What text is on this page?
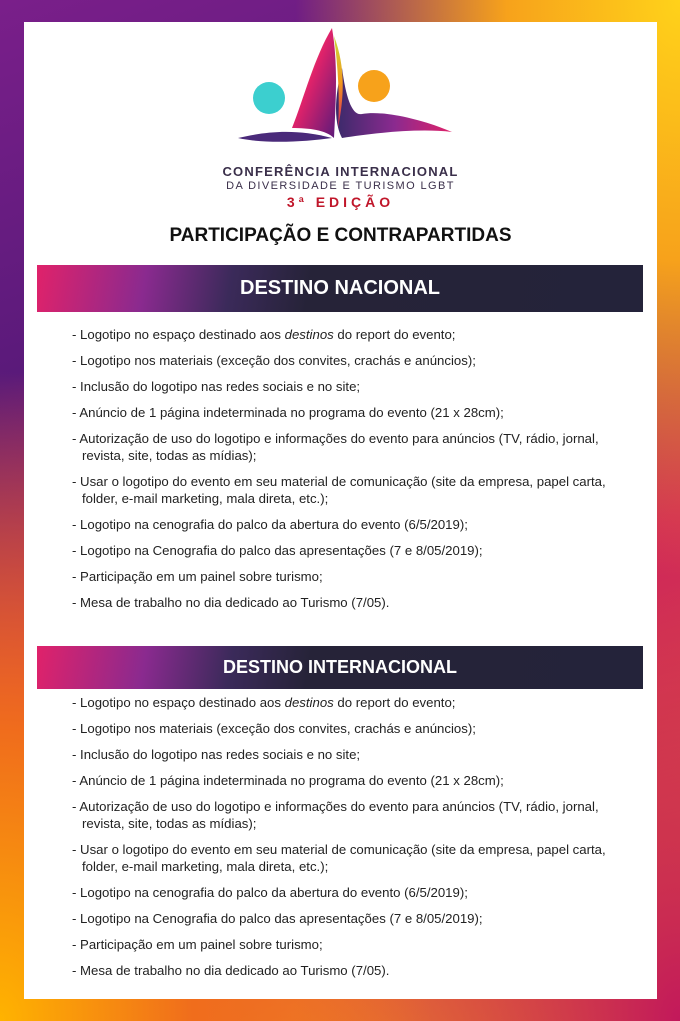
CONFERÊNCIA INTERNACIONAL
DA DIVERSIDADE E TURISMO LGBT
3ª EDIÇÃO
PARTICIPAÇÃO E CONTRAPARTIDAS
DESTINO NACIONAL
- Logotipo no espaço destinado aos destinos do report do evento;
- Logotipo nos materiais (exceção dos convites, crachás e anúncios);
- Inclusão do logotipo nas redes sociais e no site;
- Anúncio de 1 página indeterminada no programa do evento (21 x 28cm);
- Autorização de uso do logotipo e informações do evento para anúncios (TV, rádio, jornal, revista, site, todas as mídias);
- Usar o logotipo do evento em seu material de comunicação (site da empresa, papel carta, folder, e-mail marketing, mala direta, etc.);
- Logotipo na cenografia do palco da abertura do evento (6/5/2019);
- Logotipo na Cenografia do palco das apresentações (7 e 8/05/2019);
- Participação em um painel sobre turismo;
- Mesa de trabalho no dia dedicado ao Turismo (7/05).
DESTINO INTERNACIONAL
- Logotipo no espaço destinado aos destinos do report do evento;
- Logotipo nos materiais (exceção dos convites, crachás e anúncios);
- Inclusão do logotipo nas redes sociais e no site;
- Anúncio de 1 página indeterminada no programa do evento (21 x 28cm);
- Autorização de uso do logotipo e informações do evento para anúncios (TV, rádio, jornal, revista, site, todas as mídias);
- Usar o logotipo do evento em seu material de comunicação (site da empresa, papel carta, folder, e-mail marketing, mala direta, etc.);
- Logotipo na cenografia do palco da abertura do evento (6/5/2019);
- Logotipo na Cenografia do palco das apresentações (7 e 8/05/2019);
- Participação em um painel sobre turismo;
- Mesa de trabalho no dia dedicado ao Turismo (7/05).
